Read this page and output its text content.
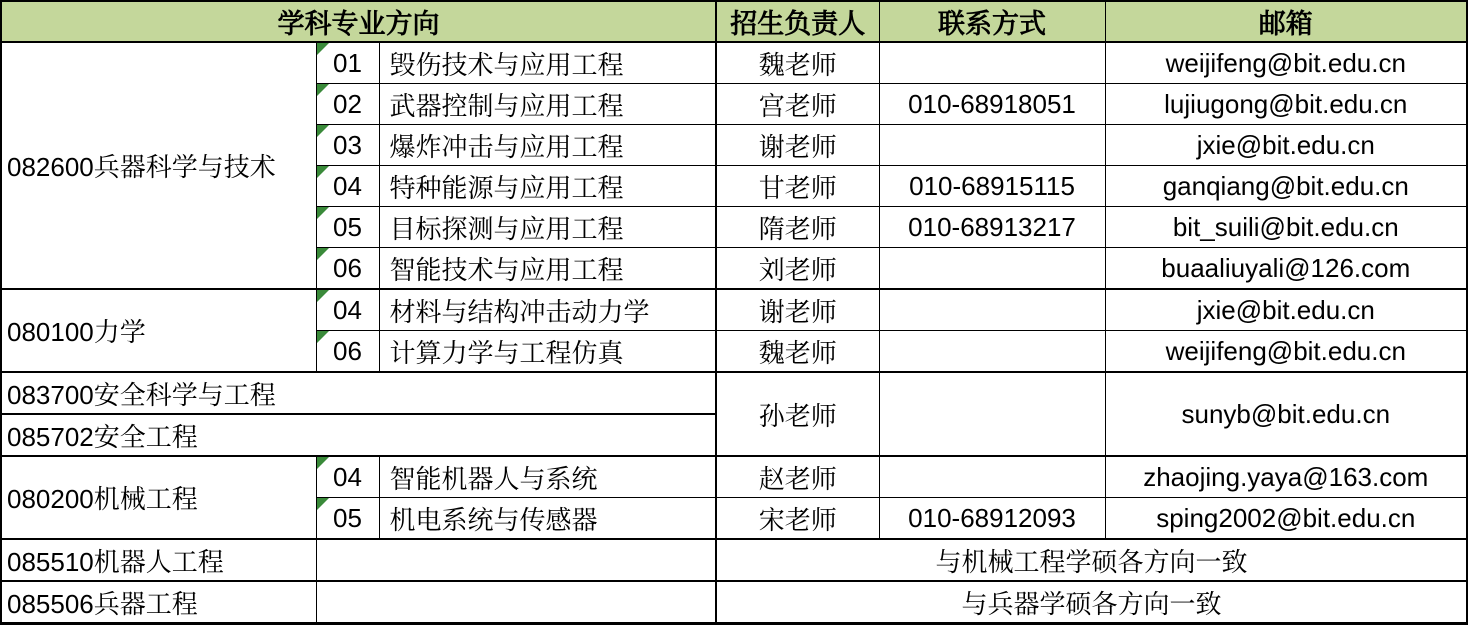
学科专业方向			招生负责人	联系方式	邮箱
082600兵器科学与技术	01	毁伤技术与应用工程	魏老师		weijifeng@bit.edu.cn

02	武器控制与应用工程	宫老师	010-68918051	lujiugong@bit.edu.cn

03	爆炸冲击与应用工程	谢老师		jxie@bit.edu.cn

04	特种能源与应用工程	甘老师	010-68915115	ganqiang@bit.edu.cn

05	目标探测与应用工程	隋老师	010-68913217	bit_suili@bit.edu.cn

06	智能技术与应用工程	刘老师		buaaliuyali@126.com
080100力学	04	材料与结构冲击动力学	谢老师		jxie@bit.edu.cn

06	计算力学与工程仿真	魏老师		weijifeng@bit.edu.cn
083700安全科学与工程			孙老师		sunyb@bit.edu.cn
085702安全工程					
080200机械工程	04	智能机器人与系统	赵老师		zhaojing.yaya@163.com

05	机电系统与传感器	宋老师	010-68912093	sping2002@bit.edu.cn
085510机器人工程			与机械工程学硕各方向一致		
085506兵器工程			与兵器学硕各方向一致		
